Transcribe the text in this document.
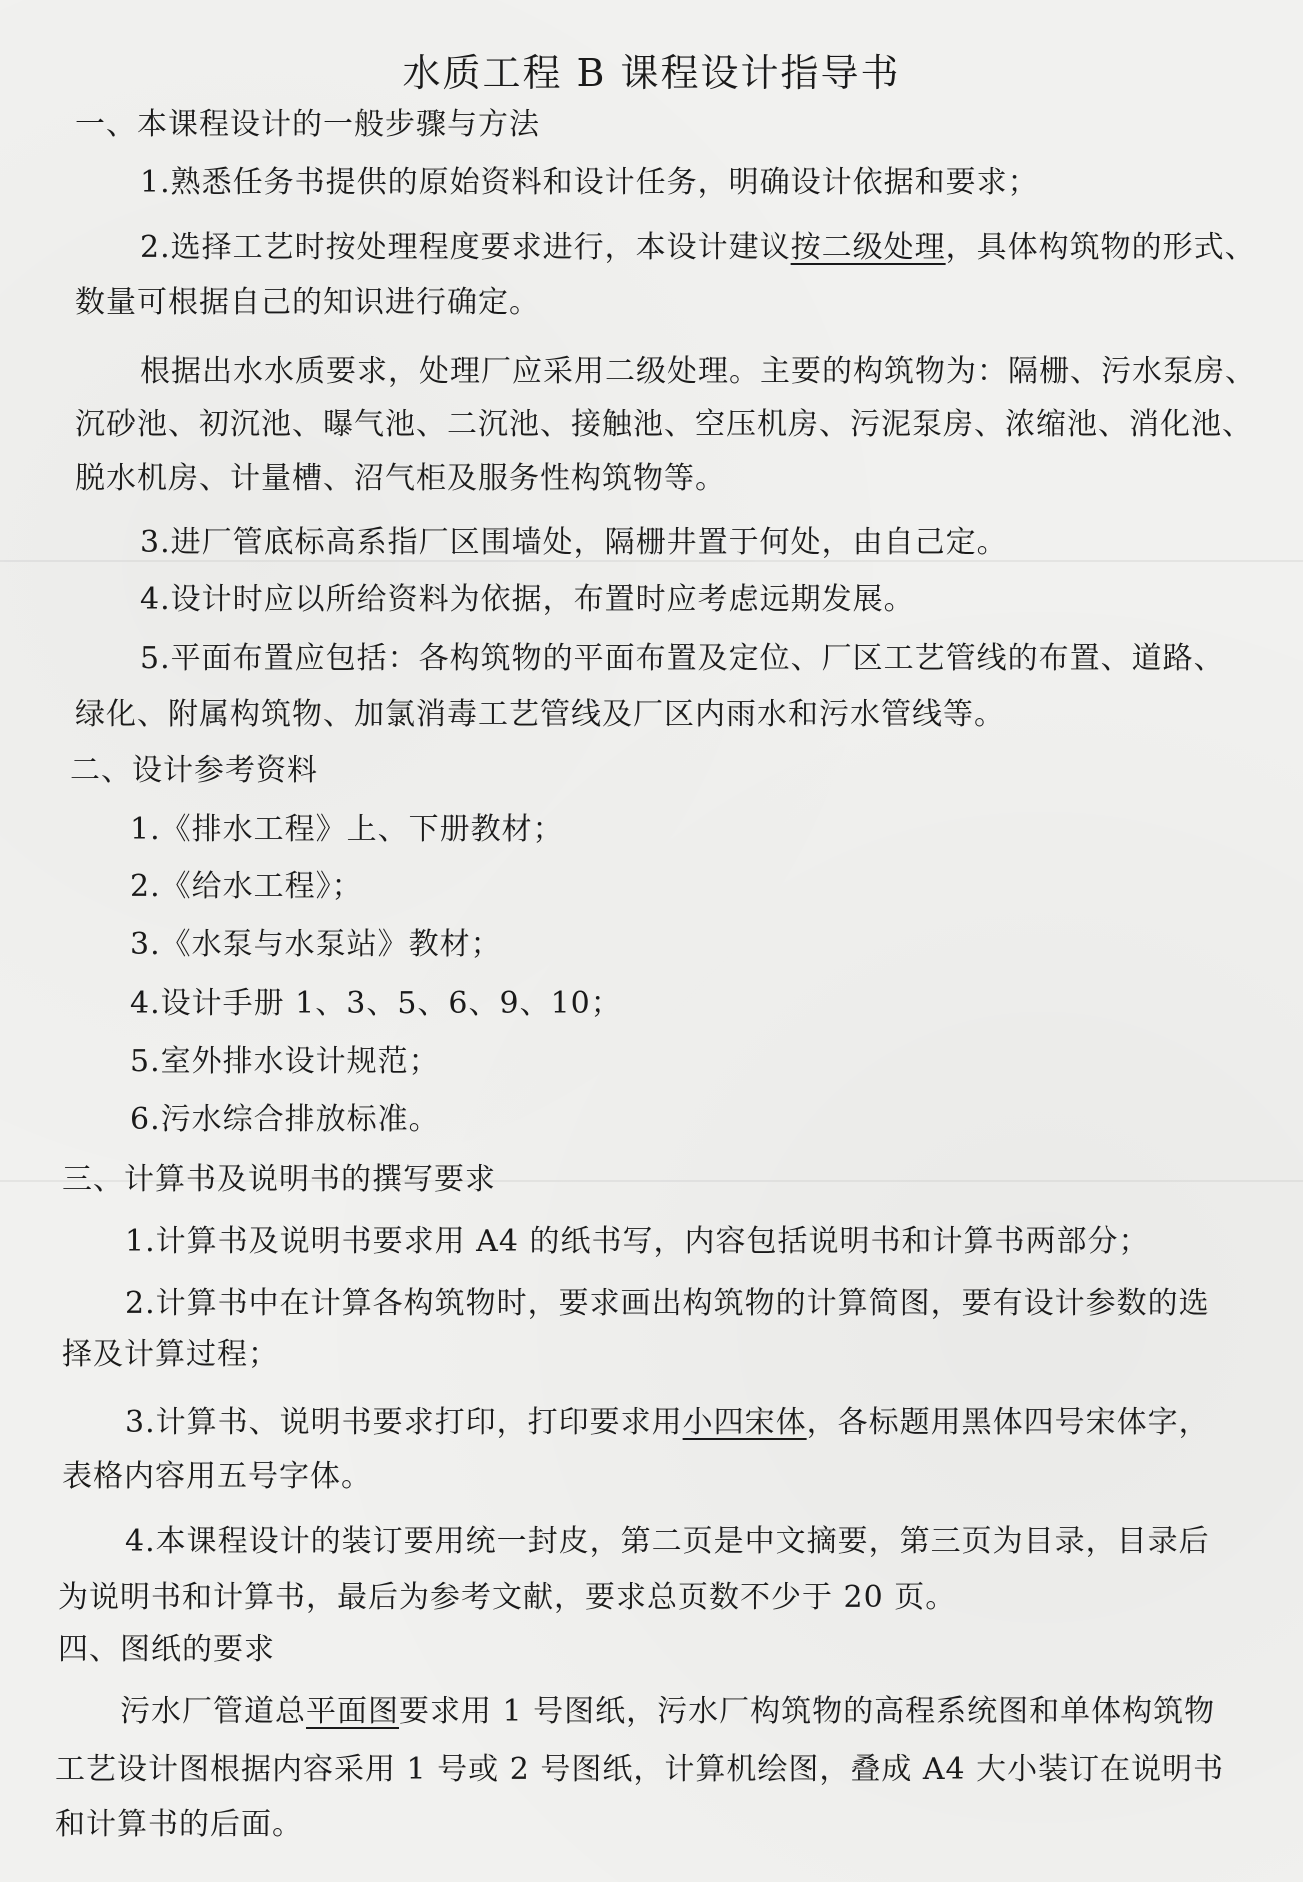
水质工程 B 课程设计指导书
一、本课程设计的一般步骤与方法
1.熟悉任务书提供的原始资料和设计任务，明确设计依据和要求；
2.选择工艺时按处理程度要求进行，本设计建议按二级处理，具体构筑物的形式、
数量可根据自己的知识进行确定。
根据出水水质要求，处理厂应采用二级处理。主要的构筑物为：隔栅、污水泵房、
沉砂池、初沉池、曝气池、二沉池、接触池、空压机房、污泥泵房、浓缩池、消化池、
脱水机房、计量槽、沼气柜及服务性构筑物等。
3.进厂管底标高系指厂区围墙处，隔栅井置于何处，由自己定。
4.设计时应以所给资料为依据，布置时应考虑远期发展。
5.平面布置应包括：各构筑物的平面布置及定位、厂区工艺管线的布置、道路、
绿化、附属构筑物、加氯消毒工艺管线及厂区内雨水和污水管线等。
二、设计参考资料
1.《排水工程》上、下册教材；
2.《给水工程》；
3.《水泵与水泵站》教材；
4.设计手册 1、3、5、6、9、10；
5.室外排水设计规范；
6.污水综合排放标准。
三、计算书及说明书的撰写要求
1.计算书及说明书要求用 A4 的纸书写，内容包括说明书和计算书两部分；
2.计算书中在计算各构筑物时，要求画出构筑物的计算简图，要有设计参数的选
择及计算过程；
3.计算书、说明书要求打印，打印要求用小四宋体，各标题用黑体四号宋体字，
表格内容用五号字体。
4.本课程设计的装订要用统一封皮，第二页是中文摘要，第三页为目录，目录后
为说明书和计算书，最后为参考文献，要求总页数不少于 20 页。
四、图纸的要求
污水厂管道总平面图要求用 1 号图纸，污水厂构筑物的高程系统图和单体构筑物
工艺设计图根据内容采用 1 号或 2 号图纸，计算机绘图，叠成 A4 大小装订在说明书
和计算书的后面。
